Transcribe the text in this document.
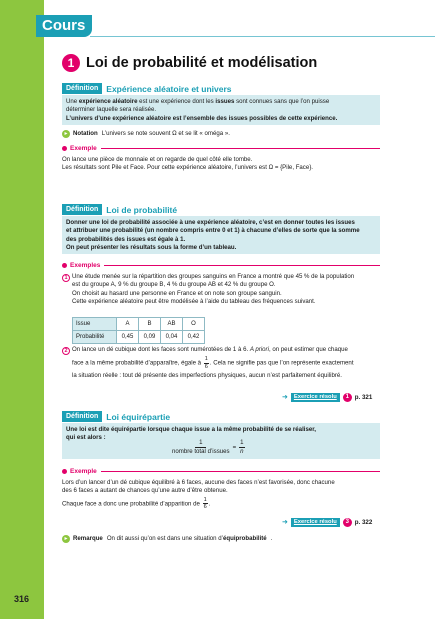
Cours
316
1 Loi de probabilité et modélisation
Définition Expérience aléatoire et univers

Une expérience aléatoire est une expérience dont les issues sont connues sans que l’on puisse

déterminer laquelle sera réalisée.

L’univers d’une expérience aléatoire est l’ensemble des issues possibles de cette expérience.

▸ Notation L’univers se note souvent Ω et se lit « oméga ».
Exemple

On lance une pièce de monnaie et on regarde de quel côté elle tombe.

Les résultats sont Pile et Face. Pour cette expérience aléatoire, l’univers est Ω = {Pile, Face}.

Définition Loi de probabilité

Donner une loi de probabilité associée à une expérience aléatoire, c’est en donner toutes les issues

et attribuer une probabilité (un nombre compris entre 0 et 1) à chacune d’elles de sorte que la somme

des probabilités des issues est égale à 1.

On peut présenter les résultats sous la forme d’un tableau.

Exemples
1 Une étude menée sur la répartition des groupes sanguins en France a montré que 45 % de la population

est du groupe A, 9 % du groupe B, 4 % du groupe AB et 42 % du groupe O.

On choisit au hasard une personne en France et on note son groupe sanguin.

Cette expérience aléatoire peut être modélisée à l’aide du tableau des fréquences suivant.

Issue	A	B	AB	O
Probabilité	0,45	0,09	0,04	0,42
2 On lance un dé cubique dont les faces sont numérotées de 1 à 6. A priori, on peut estimer que chaque

face a la même probabilité d’apparaître, égale à $\frac{1}{6}$ . Cela ne signifie pas que l’on représente exactement

la situation réelle : tout dé présente des imperfections physiques, aucun n’est parfaitement équilibré.

➜	Exercice résolu	1 p. 321
Définition Loi équirépartie

Une loi est dite équirépartie lorsque chaque issue a la même probabilité de se réaliser,

qui est alors :

$\frac{1}{\text{nombre total d’issues}} = \frac{1}{n}$
Exemple

Lors d’un lancer d’un dé cubique équilibré à 6 faces, aucune des faces n’est favorisée, donc chacune

des 6 faces a autant de chances qu’une autre d’être obtenue.

Chaque face a donc une probabilité d’apparition de $\frac{1}{6}$ .

➜	Exercice résolu	3 p. 322
▸ Remarque On dit aussi qu’on est dans une situation d’équiprobabilité .
